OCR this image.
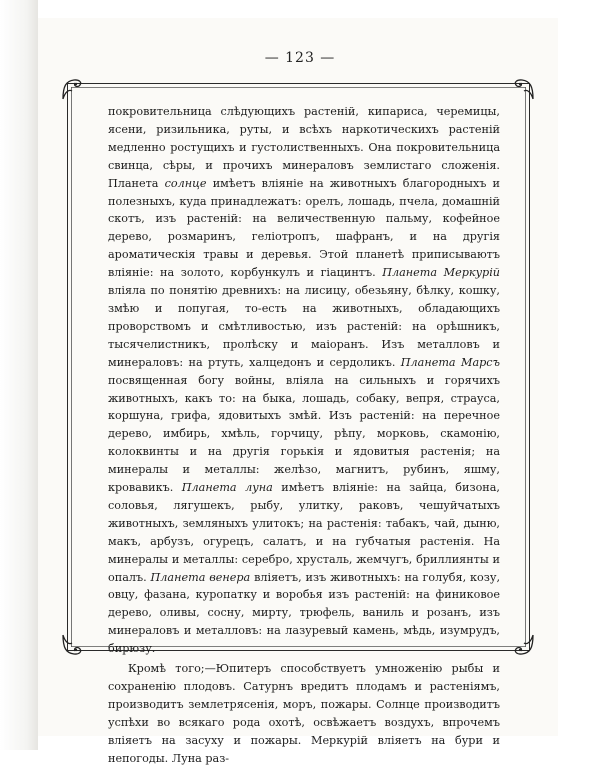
— 123 —

покровительница слѣдующихъ растеній, кипариса, черемицы, ясени, ризильника, руты, и всѣхъ наркотическихъ растеній медленно ростущихъ и густолиственныхъ. Она покровительница свинца, сѣры, и прочихъ минераловъ землистаго сложенія. Планета солнце имѣетъ вліяніе на животныхъ благородныхъ и полезныхъ, куда принадлежатъ: орелъ, лошадь, пчела, домашній скотъ, изъ растеній: на величественную пальму, кофейное дерево, розмаринъ, геліотропъ, шафранъ, и на другія ароматическія травы и деревья. Этой планетѣ приписываютъ вліяніе: на золото, корбункулъ и гіацинтъ. Планета Меркурій вліяла по понятію древнихъ: на лисицу, обезьяну, бѣлку, кошку, змѣю и попугая, то-есть на животныхъ, обладающихъ проворствомъ и смѣтливостью, изъ растеній: на орѣшникъ, тысячелистникъ, пролѣску и маіоранъ. Изъ металловъ и минераловъ: на ртуть, халцедонъ и сердоликъ. Планета Марсъ посвященная богу войны, вліяла на сильныхъ и горячихъ животныхъ, какъ то: на быка, лошадь, собаку, вепря, страуса, коршуна, грифа, ядовитыхъ змѣй. Изъ растеній: на перечное дерево, имбирь, хмѣль, горчицу, рѣпу, морковь, скамонію, колоквинты и на другія горькія и ядовитыя растенія; на минералы и металлы: желѣзо, магнитъ, рубинъ, яшму, кровавикъ. Планета луна имѣетъ вліяніе: на зайца, бизона, соловья, лягушекъ, рыбу, улитку, раковъ, чешуйчатыхъ животныхъ, земляныхъ улитокъ; на растенія: табакъ, чай, дыню, макъ, арбузъ, огурецъ, салатъ, и на губчатыя растенія. На минералы и металлы: серебро, хрусталь, жемчугъ, бриллиянты и опалъ. Планета венера вліяетъ, изъ животныхъ: на голубя, козу, овцу, фазана, куропатку и воробья изъ растеній: на финиковое дерево, оливы, сосну, мирту, трюфель, ваниль и розанъ, изъ минераловъ и металловъ: на лазуревый камень, мѣдь, изумрудъ, бирюзу.

Кромѣ того;—Юпитеръ способствуетъ умноженію рыбы и сохраненію плодовъ. Сатурнъ вредитъ плодамъ и растеніямъ, производитъ землетрясенія, моръ, пожары. Солнце производитъ успѣхи во всякаго рода охотѣ, освѣжаетъ воздухъ, впрочемъ вліяетъ на засуху и пожары. Меркурій вліяетъ на бури и непогоды. Луна раз-
